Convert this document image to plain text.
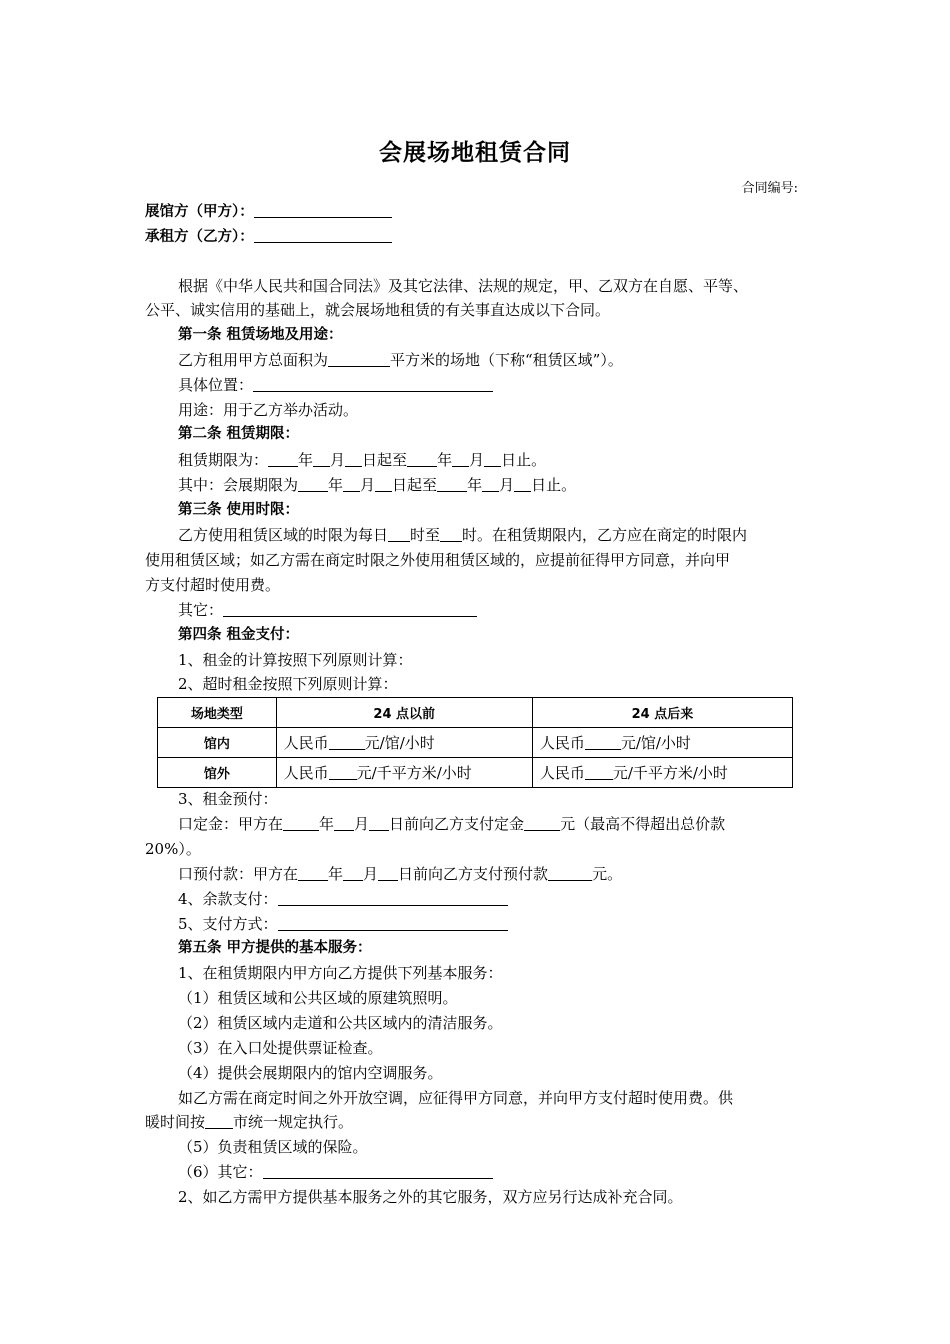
会展场地租赁合同
合同编号:
展馆方（甲方）：
承租方（乙方）：
根据《中华人民共和国合同法》及其它法律、法规的规定，甲、乙双方在自愿、平等、
公平、诚实信用的基础上，就会展场地租赁的有关事直达成以下合同。
第一条 租赁场地及用途：
乙方租用甲方总面积为	平方米的场地（下称“租赁区域”）。
具体位置：
用途：用于乙方举办活动。
第二条 租赁期限：
租赁期限为： 年 月 日起至 年 月 日止。
其中：会展期限为 年 月 日起至 年 月 日止。
第三条 使用时限：
乙方使用租赁区域的时限为每日 时至 时。在租赁期限内，乙方应在商定的时限内
使用租赁区域；如乙方需在商定时限之外使用租赁区域的，应提前征得甲方同意，并向甲
方支付超时使用费。
其它：
第四条 租金支付：
1、租金的计算按照下列原则计算：
2、超时租金按照下列原则计算：
场地类型	24 点以前	24 点后来
馆内	人民币 元/馆/小时	人民币 元/馆/小时
馆外	人民币 元/千平方米/小时	人民币 元/千平方米/小时
3、租金预付：
口定金：甲方在 年 月 日前向乙方支付定金 元（最高不得超出总价款
20%）。
口预付款：甲方在 年 月 日前向乙方支付预付款	元。
4、余款支付：
5、支付方式：
第五条 甲方提供的基本服务：
1、在租赁期限内甲方向乙方提供下列基本服务：
（1）租赁区域和公共区域的原建筑照明。
（2）租赁区域内走道和公共区域内的清洁服务。
（3）在入口处提供票证检查。
（4）提供会展期限内的馆内空调服务。
如乙方需在商定时间之外开放空调，应征得甲方同意，并向甲方支付超时使用费。供
暖时间按 市统一规定执行。
（5）负责租赁区域的保险。
（6）其它：
2、如乙方需甲方提供基本服务之外的其它服务，双方应另行达成补充合同。
